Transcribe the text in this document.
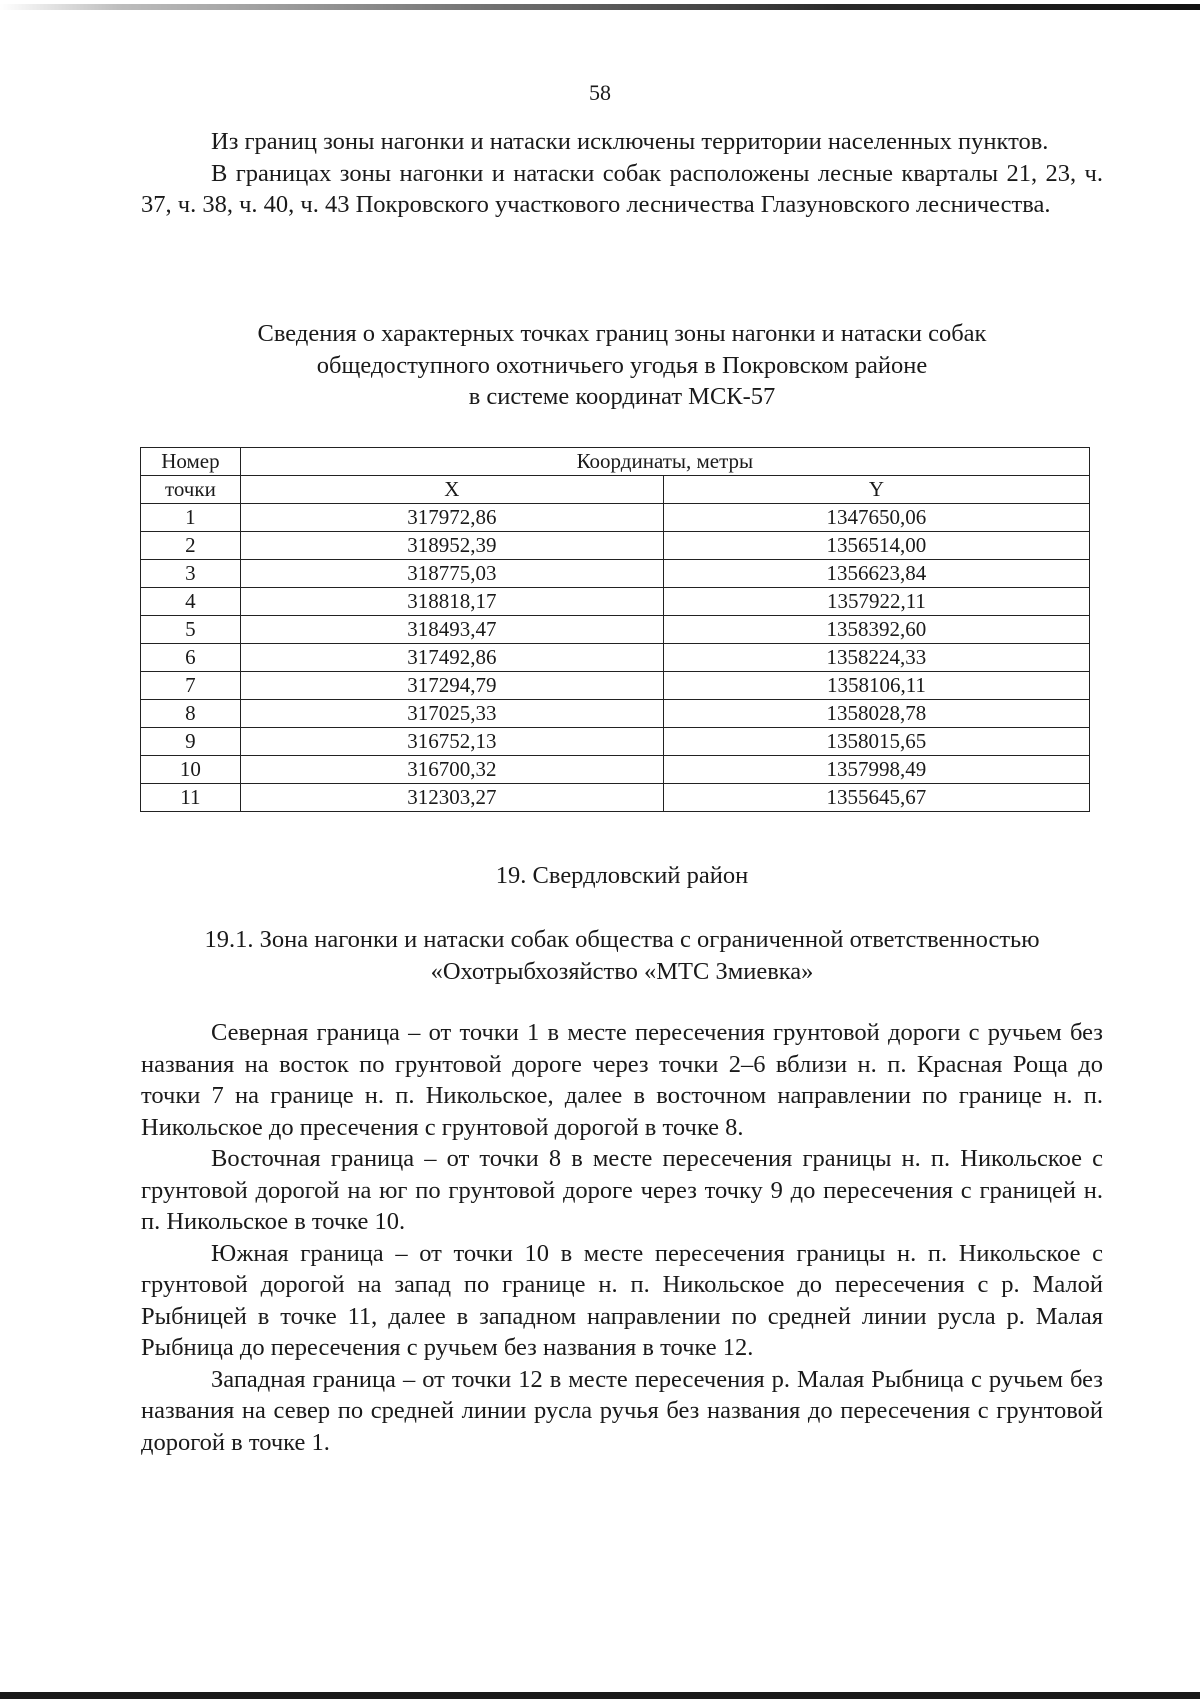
58

Из границ зоны нагонки и натаски исключены территории населенных пунктов.

В границах зоны нагонки и натаски собак расположены лесные кварталы 21, 23, ч. 37, ч. 38, ч. 40, ч. 43 Покровского участкового лесничества Глазуновского лесничества.

Сведения о характерных точках границ зоны нагонки и натаски собак
общедоступного охотничьего угодья в Покровском районе
в системе координат МСК-57
Номер	Координаты, метры	
точки	X	Y
1	317972,86	1347650,06
2	318952,39	1356514,00
3	318775,03	1356623,84
4	318818,17	1357922,11
5	318493,47	1358392,60
6	317492,86	1358224,33
7	317294,79	1358106,11
8	317025,33	1358028,78
9	316752,13	1358015,65
10	316700,32	1357998,49
11	312303,27	1355645,67
19. Свердловский район
19.1. Зона нагонки и натаски собак общества с ограниченной ответственностью
«Охотрыбхозяйство «МТС Змиевка»

Северная граница – от точки 1 в месте пересечения грунтовой дороги с ручьем без названия на восток по грунтовой дороге через точки 2–6 вблизи н. п. Красная Роща до точки 7 на границе н. п. Никольское, далее в восточном направлении по границе н. п. Никольское до пресечения с грунтовой дорогой в точке 8.

Восточная граница – от точки 8 в месте пересечения границы н. п. Никольское с грунтовой дорогой на юг по грунтовой дороге через точку 9 до пересечения с границей н. п. Никольское в точке 10.

Южная граница – от точки 10 в месте пересечения границы н. п. Никольское с грунтовой дорогой на запад по границе н. п. Никольское до пересечения с р. Малой Рыбницей в точке 11, далее в западном направлении по средней линии русла р. Малая Рыбница до пересечения с ручьем без названия в точке 12.

Западная граница – от точки 12 в месте пересечения р. Малая Рыбница с ручьем без названия на север по средней линии русла ручья без названия до пересечения с грунтовой дорогой в точке 1.
